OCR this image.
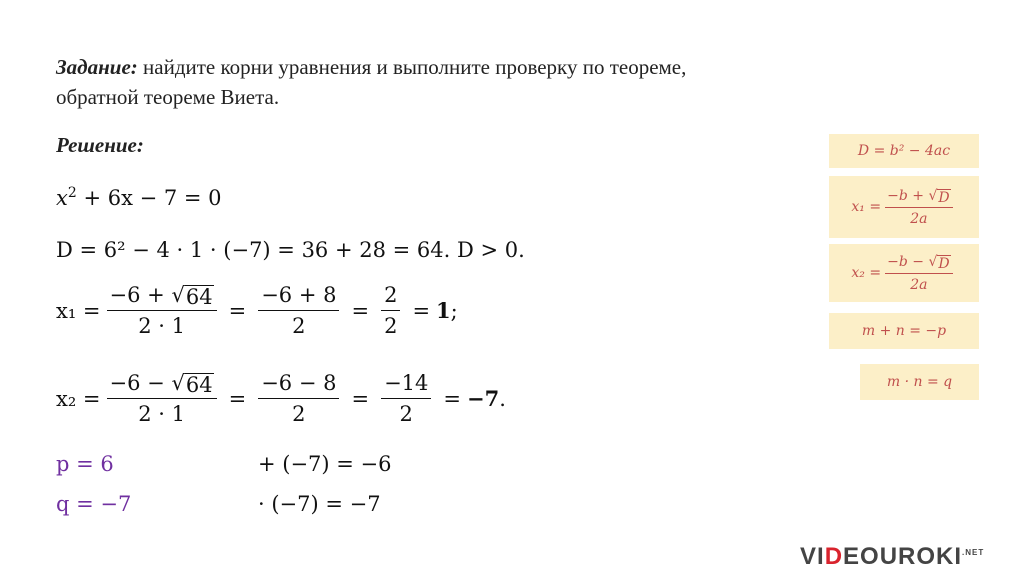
Задание: найдите корни уравнения и выполните проверку по теореме,
обратной теореме Виета.
Решение:
$x^2 + 6x - 7 = 0$
D = 6² − 4 · 1 · (−7) = 36 + 28 = 64. D > 0.
$x_1 = \frac{-6 + √ 64}{2 \cdot 1} = \frac{-6 + 8}{2} = \frac{2}{2} = 1$ ;
$x_2 = \frac{-6 - √ 64}{2 \cdot 1} = \frac{-6 - 8}{2} = \frac{-14}{2} = -7$ .
p = 6
q = −7
+ (−7) = −6
· (−7) = −7
D = b² − 4ac
$x_1 = \frac{-b + √ D}{2a}$
$x_2 = \frac{-b - √ D}{2a}$
m + n = −p
m · n = q
$VIDEOUROKI^{.NET}$
